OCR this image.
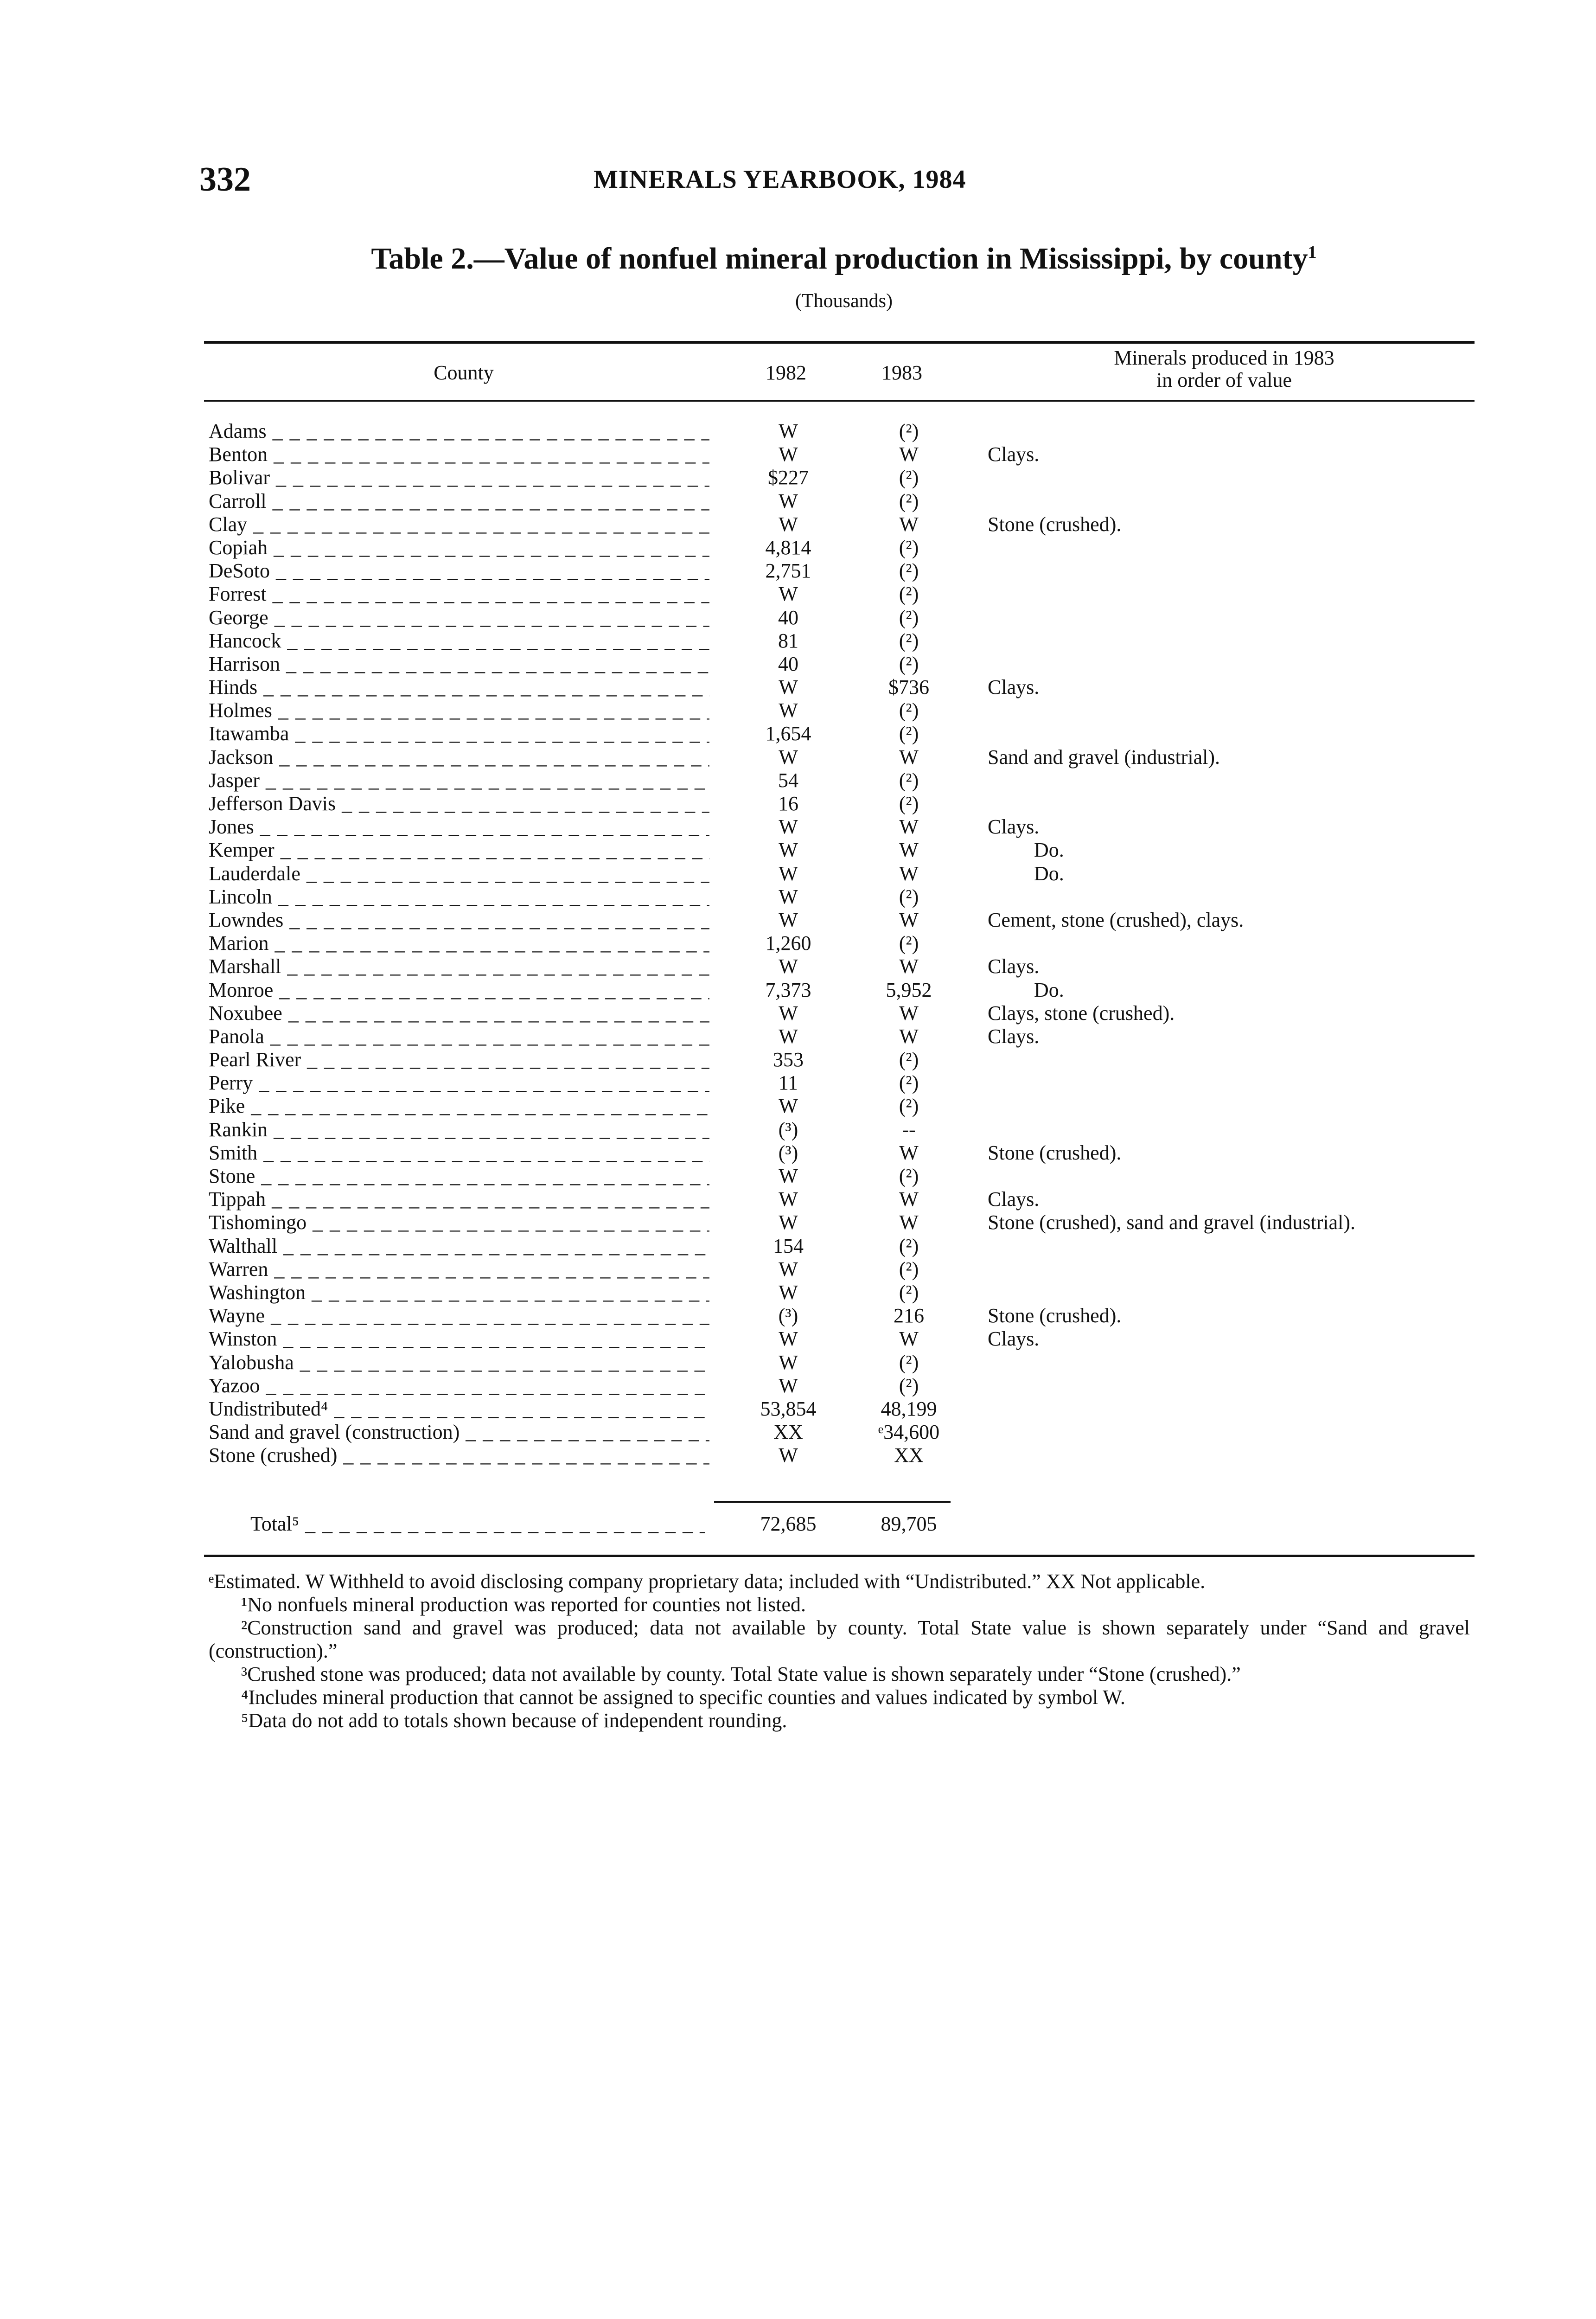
332	MINERALS YEARBOOK, 1984
Table 2.—Value of nonfuel mineral production in Mississippi, by county$^1$
(Thousands)
County	1982	1983
Minerals produced in 1983
in order of value
Adams _ _ _	W	(²)
Benton _ _ _	W	W	Clays.
Bolivar _ _ _	$227	(²)
Carroll _ _ _	W	(²)
Clay _ _ _	W	W	Stone (crushed).
Copiah _ _ _	4,814	(²)
DeSoto _ _ _	2,751	(²)
Forrest _ _ _	W	(²)
George _ _ _	40	(²)
Hancock _ _ _	81	(²)
Harrison _ _ _	40	(²)
Hinds _ _ _	W	$736	Clays.
Holmes _ _ _	W	(²)
Itawamba _ _ _	1,654	(²)
Jackson _ _ _	W	W	Sand and gravel (industrial).
Jasper _ _ _	54	(²)
Jefferson Davis _ _ _	16	(²)
Jones _ _ _	W	W	Clays.
Kemper _ _ _	W	W	Do.
Lauderdale _ _ _	W	W	Do.
Lincoln _ _ _	W	(²)
Lowndes _ _ _	W	W	Cement, stone (crushed), clays.
Marion _ _ _	1,260	(²)
Marshall _ _ _	W	W	Clays.
Monroe _ _ _	7,373	5,952	Do.
Noxubee _ _ _	W	W	Clays, stone (crushed).
Panola _ _ _	W	W	Clays.
Pearl River _ _ _	353	(²)
Perry _ _ _	11	(²)
Pike _ _ _	W	(²)
Rankin _ _ _	(³)	--
Smith _ _ _	(³)	W	Stone (crushed).
Stone _ _ _	W	(²)
Tippah _ _ _	W	W	Clays.
Tishomingo _ _ _	W	W	Stone (crushed), sand and gravel (industrial).
Walthall _ _ _	154	(²)
Warren _ _ _	W	(²)
Washington _ _ _	W	(²)
Wayne _ _ _	(³)	216	Stone (crushed).
Winston _ _ _	W	W	Clays.
Yalobusha _ _ _	W	(²)
Yazoo _ _ _	W	(²)
Undistributed⁴ _ _ _	53,854	48,199
Sand and gravel (construction) _ _ _	XX	ᵉ34,600
Stone (crushed) _ _ _	W	XX
Total⁵ _ _ _	72,685	89,705

ᵉEstimated. W Withheld to avoid disclosing company proprietary data; included with “Undistributed.” XX Not applicable.

¹No nonfuels mineral production was reported for counties not listed.

²Construction sand and gravel was produced; data not available by county. Total State value is shown separately under “Sand and gravel (construction).”

³Crushed stone was produced; data not available by county. Total State value is shown separately under “Stone (crushed).”

⁴Includes mineral production that cannot be assigned to specific counties and values indicated by symbol W.

⁵Data do not add to totals shown because of independent rounding.
